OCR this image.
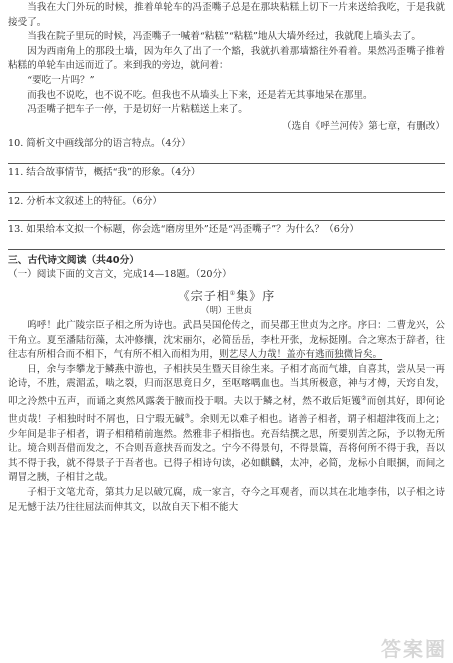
当我在大门外玩的时候，推着单轮车的冯歪嘴子总是在那块粘糕上切下一片来送给我吃，于是我就接受了。

当我在院子里玩的时候，冯歪嘴子一喊着“粘糕”“粘糕”地从大墙外经过，我就爬上墙头去了。

因为西南角上的那段土墙，因为年久了出了一个豁，我就扒着那墙豁往外看着。果然冯歪嘴子推着粘糕的单轮车由远而近了。来到我的旁边，就问着：

“要吃一片吗？”

而我也不说吃，也不说不吃。但我也不从墙头上下来，还是若无其事地呆在那里。

冯歪嘴子把车子一停，于是切好一片粘糕送上来了。

（选自《呼兰河传》第七章，有删改）

10. 简析文中画线部分的语言特点。（4分）

11. 结合故事情节，概括“我”的形象。（4分）

12. 分析本文叙述上的特征。（6分）

13. 如果给本文拟一个标题，你会选“磨房里外”还是“冯歪嘴子”？为什么？（6分）

三、古代诗文阅读（共40分）

（一）阅读下面的文言文，完成14—18题。（20分）

《宗子相①集》序
（明）王世贞

呜呼！此广陵宗臣子相之所为诗也。武昌吴国伦传之，而吴郡王世贞为之序。序曰：二曹龙兴，公干角立。夏至潘陆衍藻，太冲修攘，沈宋丽尔，必简岳岳，李杜开张，龙标挺刚。合之寒杰于辞者，往往志有所相合而不相下，气有所不相入而相为用，则艺尽人力哉！盖亦有逃而独微旨矣。

日，余与李攀龙于鳞燕中游也，子相扶吴生暨天目徐生来。子相才高而气雄，自喜其，尝从吴一再论诗，不胜，震湄孟，啮之裂，归而沤思竟日夕，至呕喀喁血也。当其所极意，神与才傅，天窍自发，叩之泠然中五声，而诵之爽然风露袭于腋而投于咽。夫以于鳞之材，然不敢后矩镬②而创其好，即何论世贞哉！子相独时时不屑也，日宁瑕无碱③。余则无以难子相也。诸善子相者，谓子相超津筏而上之；少年间是非子相者，谓子相稍稍前迤然。然雅非子相指也。充吾结撰之思，所要别苦之际，予以物无所让。境合则吾借而发之，不合则吾意挟吾而发之。宁今不得景句，不得景篇，吾将何所不得于我，吾以其不得于我，就不得景子于吾者也。已得子相诗句读，必如麒麟，太冲，必简，龙标小自眼捆，而间之谓冒之胰，子相甘之哉。

子相于文笔尤奇，第其力足以破冗腐，成一家言，夺今之耳观者，而以其在北地李伟，以子相之诗足无憾于法乃往往屈法而伸其文，以故自天下相不能大

答案圈
